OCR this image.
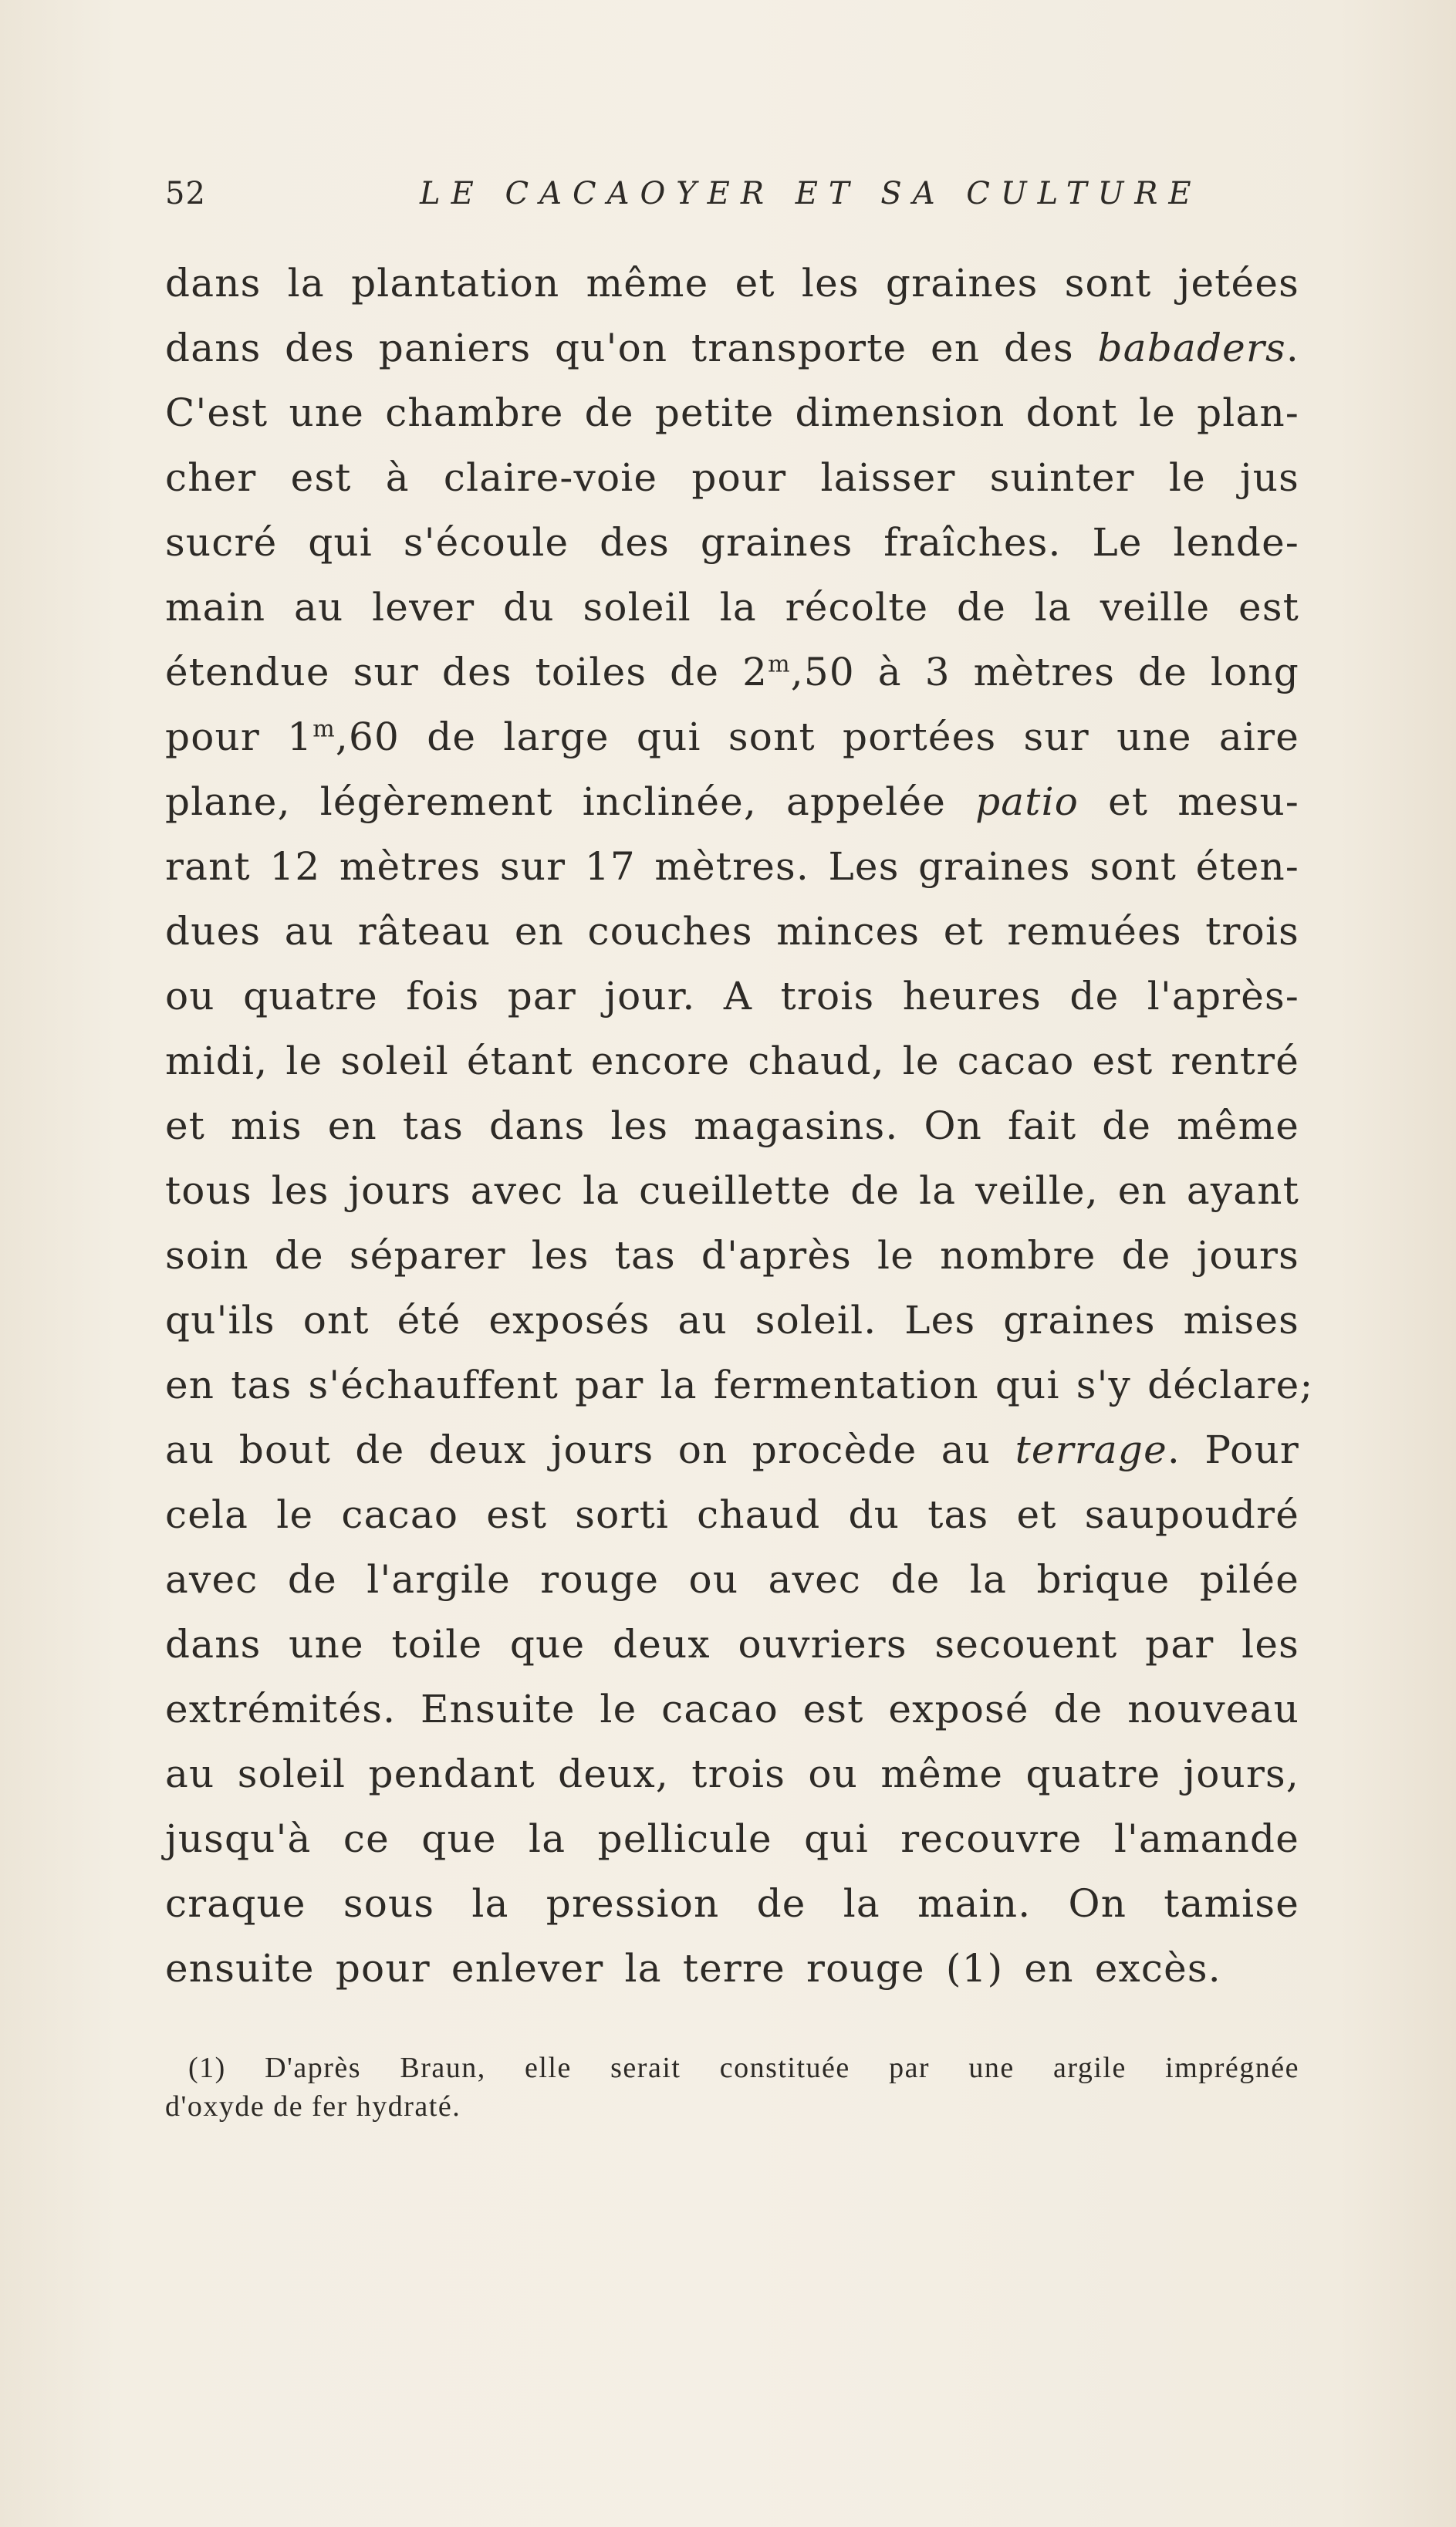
52	LE CACAOYER ET SA CULTURE
dans la plantation même et les graines sont jetées
dans des paniers qu'on transporte en des babaders.
C'est une chambre de petite dimension dont le plan-
cher est à claire-voie pour laisser suinter le jus
sucré qui s'écoule des graines fraîches. Le lende-
main au lever du soleil la récolte de la veille est
étendue sur des toiles de 2$^m$,50 à 3 mètres de long
pour 1$^m$,60 de large qui sont portées sur une aire
plane, légèrement inclinée, appelée patio et mesu-
rant 12 mètres sur 17 mètres. Les graines sont éten-
dues au râteau en couches minces et remuées trois
ou quatre fois par jour. A trois heures de l'après-
midi, le soleil étant encore chaud, le cacao est rentré
et mis en tas dans les magasins. On fait de même
tous les jours avec la cueillette de la veille, en ayant
soin de séparer les tas d'après le nombre de jours
qu'ils ont été exposés au soleil. Les graines mises
en tas s'échauffent par la fermentation qui s'y déclare;
au bout de deux jours on procède au terrage. Pour
cela le cacao est sorti chaud du tas et saupoudré
avec de l'argile rouge ou avec de la brique pilée
dans une toile que deux ouvriers secouent par les
extrémités. Ensuite le cacao est exposé de nouveau
au soleil pendant deux, trois ou même quatre jours,
jusqu'à ce que la pellicule qui recouvre l'amande
craque sous la pression de la main. On tamise
ensuite pour enlever la terre rouge (1) en excès.
(1) D'après Braun, elle serait constituée par une argile imprégnée
d'oxyde de fer hydraté.
